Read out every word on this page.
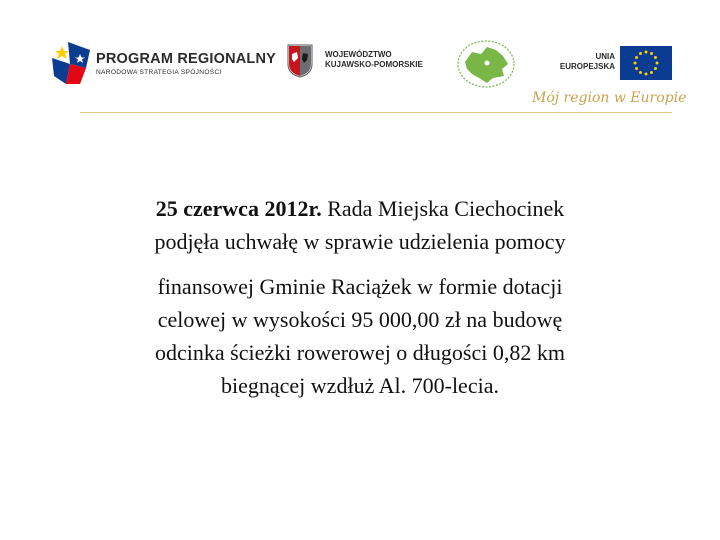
PROGRAM REGIONALNY
NARODOWA STRATEGIA SPÓJNOŚCI
WOJEWÓDZTWO
KUJAWSKO-POMORSKIE
UNIA
EUROPEJSKA
Mój region w Europie

25 czerwca 2012r. Rada Miejska Ciechocinek

podjęła uchwałę w sprawie udzielenia pomocy

finansowej Gminie Raciążek w formie dotacji

celowej w wysokości 95 000,00 zł na budowę

odcinka ścieżki rowerowej o długości 0,82 km

biegnącej wzdłuż Al. 700-lecia.
